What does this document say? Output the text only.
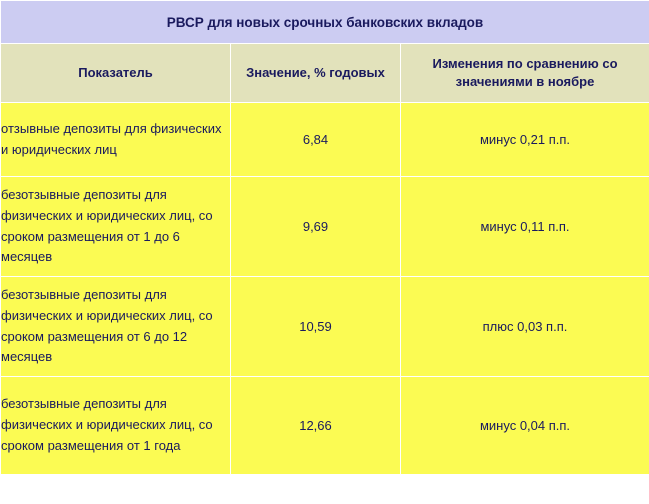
РВСР для новых срочных банковских вкладов		
Показатель	Значение, % годовых	Изменения по сравнению со значениями в ноябре
отзывные депозиты для физических и юридических лиц	6,84	минус 0,21 п.п.
безотзывные депозиты для физических и юридических лиц, со сроком размещения от 1 до 6 месяцев	9,69	минус 0,11 п.п.
безотзывные депозиты для физических и юридических лиц, со сроком размещения от 6 до 12 месяцев	10,59	плюс 0,03 п.п.
безотзывные депозиты для физических и юридических лиц, со сроком размещения от 1 года	12,66	минус 0,04 п.п.
